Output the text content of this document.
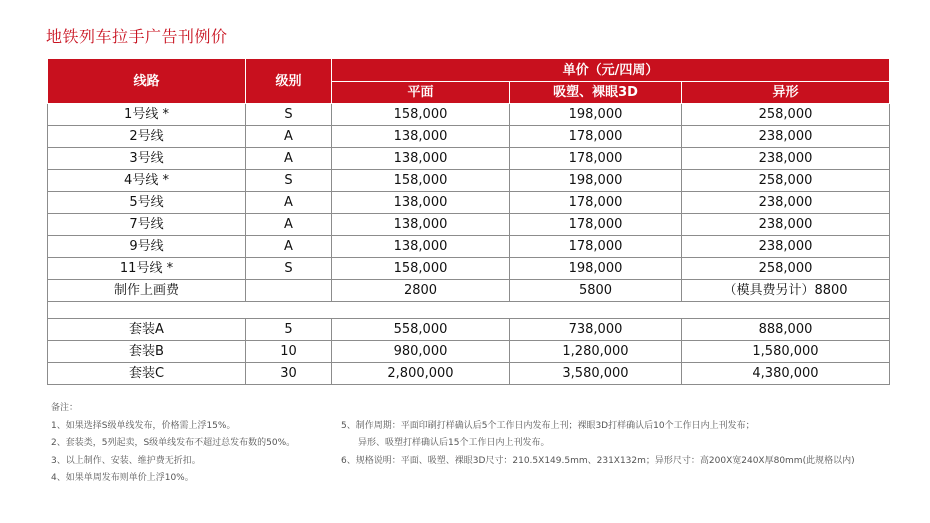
地铁列车拉手广告刊例价
线路	级别	单价（元/四周）		
		平面	吸塑、裸眼3D	异形
1号线 *	S	158,000	198,000	258,000
2号线	A	138,000	178,000	238,000
3号线	A	138,000	178,000	238,000
4号线 *	S	158,000	198,000	258,000
5号线	A	138,000	178,000	238,000
7号线	A	138,000	178,000	238,000
9号线	A	138,000	178,000	238,000
11号线 *	S	158,000	198,000	258,000
制作上画费		2800	5800	（模具费另计）8800

套装A	5	558,000	738,000	888,000
套装B	10	980,000	1,280,000	1,580,000
套装C	30	2,800,000	3,580,000	4,380,000
备注：
1、如果选择S级单线发布，价格需上浮15%。
2、套装类，5列起卖，S级单线发布不超过总发布数的50%。
3、以上制作、安装、维护费无折扣。
4、如果单周发布则单价上浮10%。

5、制作周期：平面印刷打样确认后5个工作日内发布上刊；裸眼3D打样确认后10个工作日内上刊发布；
异形、吸塑打样确认后15个工作日内上刊发布。
6、规格说明：平面、吸塑、裸眼3D尺寸：210.5X149.5mm、231X132m；异形尺寸：高200X宽240X厚80mm(此规格以内)
